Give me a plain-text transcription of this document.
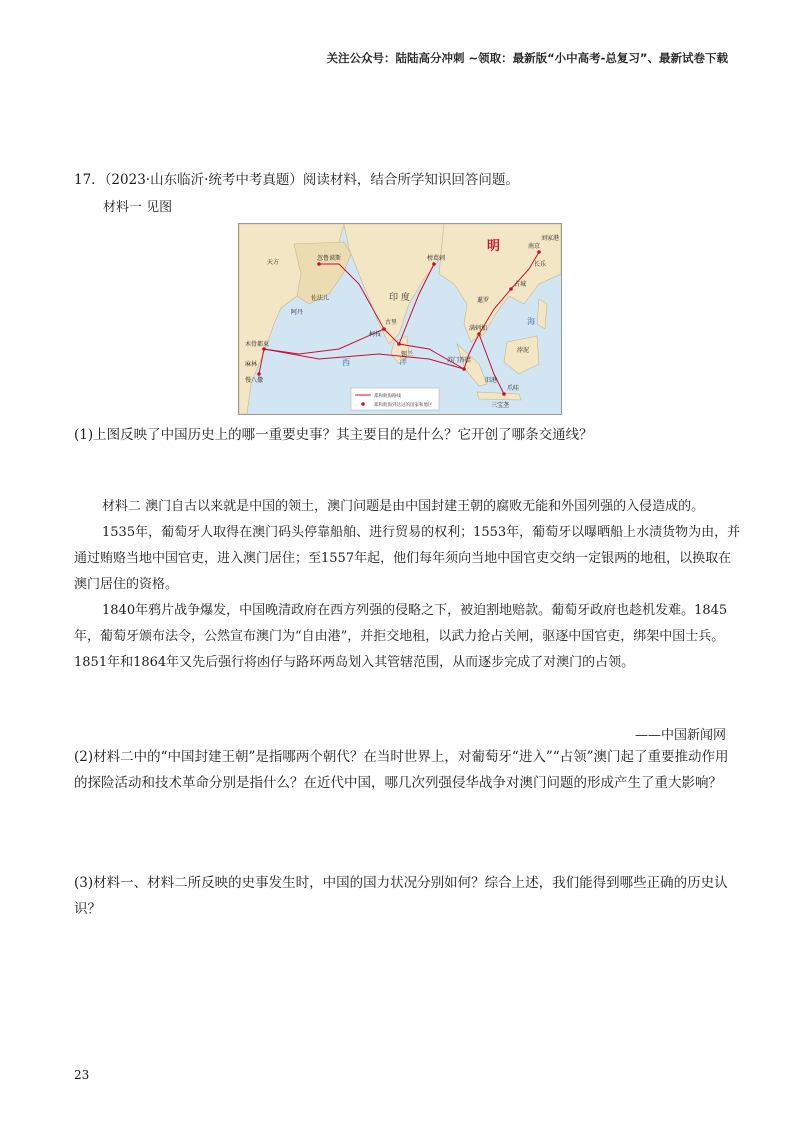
关注公众号：陆陆高分冲刺 ~领取：最新版“小中高考-总复习”、最新试卷下载
17．（2023·山东临沂·统考中考真题）阅读材料，结合所学知识回答问题。
材料一 见图
明
印 度
西	洋
海
南京
刘家港
长乐
占城
暹罗
满剌加
苏门答腊
旧港
爪哇
三宝垄
浡泥
榜葛剌
古里
柯枝
锡兰
忽鲁谟斯
佐法儿
阿丹
天方
木骨都束
麻林
慢八撒
郑和航海路线
郑和航海到达过的国家和地区
(1)上图反映了中国历史上的哪一重要史事？其主要目的是什么？它开创了哪条交通线？

材料二 澳门自古以来就是中国的领土，澳门问题是由中国封建王朝的腐败无能和外国列强的入侵造成的。

1535年，葡萄牙人取得在澳门码头停靠船舶、进行贸易的权利；1553年，葡萄牙以曝晒船上水渍货物为由，并通过贿赂当地中国官吏，进入澳门居住；至1557年起，他们每年须向当地中国官吏交纳一定银两的地租，以换取在澳门居住的资格。

1840年鸦片战争爆发，中国晚清政府在西方列强的侵略之下，被迫割地赔款。葡萄牙政府也趁机发难。1845年，葡萄牙颁布法令，公然宣布澳门为“自由港”，并拒交地租，以武力抢占关闸，驱逐中国官吏，绑架中国士兵。1851年和1864年又先后强行将凼仔与路环两岛划入其管辖范围，从而逐步完成了对澳门的占领。

——中国新闻网
(2)材料二中的“中国封建王朝”是指哪两个朝代？在当时世界上，对葡萄牙“进入”“占领”澳门起了重要推动作用的探险活动和技术革命分别是指什么？在近代中国，哪几次列强侵华战争对澳门问题的形成产生了重大影响？
(3)材料一、材料二所反映的史事发生时，中国的国力状况分别如何？综合上述，我们能得到哪些正确的历史认识？
23
